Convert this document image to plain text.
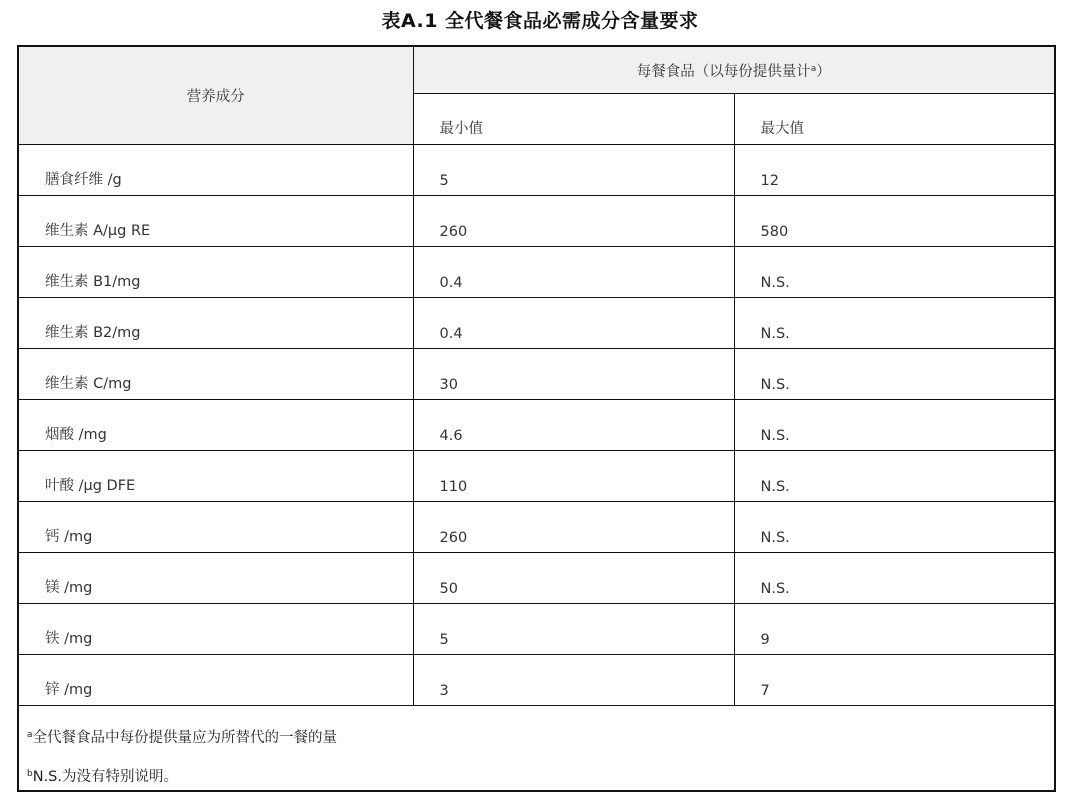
表A.1 全代餐食品必需成分含量要求
营养成分	每餐食品（以每份提供量计$^a$）	
	最小值	最大值
膳食纤维 /g	5	12
维生素 A/μg RE	260	580
维生素 B1/mg	0.4	N.S.
维生素 B2/mg	0.4	N.S.
维生素 C/mg	30	N.S.
烟酸 /mg	4.6	N.S.
叶酸 /μg DFE	110	N.S.
钙 /mg	260	N.S.
镁 /mg	50	N.S.
铁 /mg	5	9
锌 /mg	3	7

$^a$全代餐食品中每份提供量应为所替代的一餐的量
$^b$N.S.为没有特别说明。		
